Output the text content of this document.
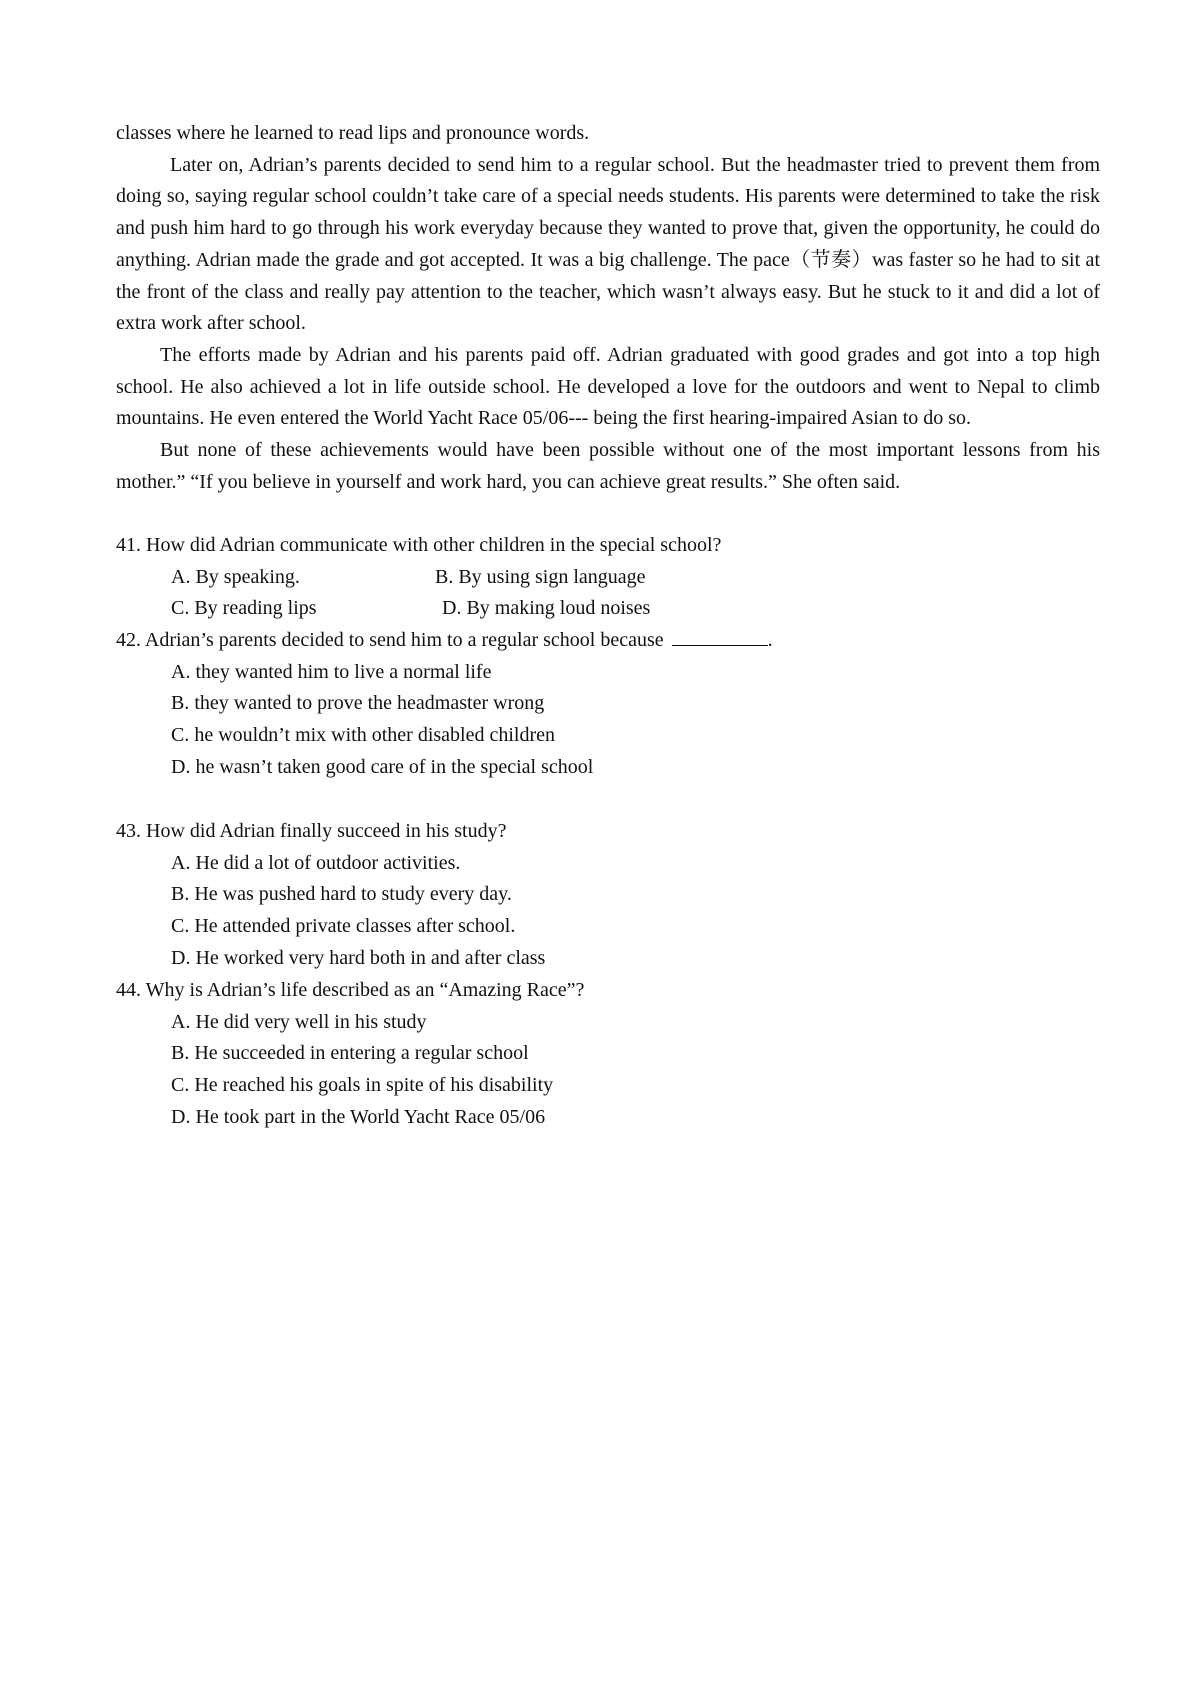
classes where he learned to read lips and pronounce words.

Later on, Adrian’s parents decided to send him to a regular school. But the headmaster tried to prevent them from doing so, saying regular school couldn’t take care of a special needs students. His parents were determined to take the risk and push him hard to go through his work everyday because they wanted to prove that, given the opportunity, he could do anything. Adrian made the grade and got accepted. It was a big challenge. The pace（节奏）was faster so he had to sit at the front of the class and really pay attention to the teacher, which wasn’t always easy. But he stuck to it and did a lot of extra work after school.

The efforts made by Adrian and his parents paid off. Adrian graduated with good grades and got into a top high school. He also achieved a lot in life outside school. He developed a love for the outdoors and went to Nepal to climb mountains. He even entered the World Yacht Race 05/06--- being the first hearing-impaired Asian to do so.

But none of these achievements would have been possible without one of the most important lessons from his mother.” “If you believe in yourself and work hard, you can achieve great results.” She often said.

41. How did Adrian communicate with other children in the special school?
A. By speaking.	B. By using sign language
C. By reading lips	D. By making loud noises
42. Adrian’s parents decided to send him to a regular school because	.
A. they wanted him to live a normal life
B. they wanted to prove the headmaster wrong
C. he wouldn’t mix with other disabled children
D. he wasn’t taken good care of in the special school
43. How did Adrian finally succeed in his study?
A. He did a lot of outdoor activities.
B. He was pushed hard to study every day.
C. He attended private classes after school.
D. He worked very hard both in and after class
44. Why is Adrian’s life described as an “Amazing Race”?
A. He did very well in his study
B. He succeeded in entering a regular school
C. He reached his goals in spite of his disability
D. He took part in the World Yacht Race 05/06
